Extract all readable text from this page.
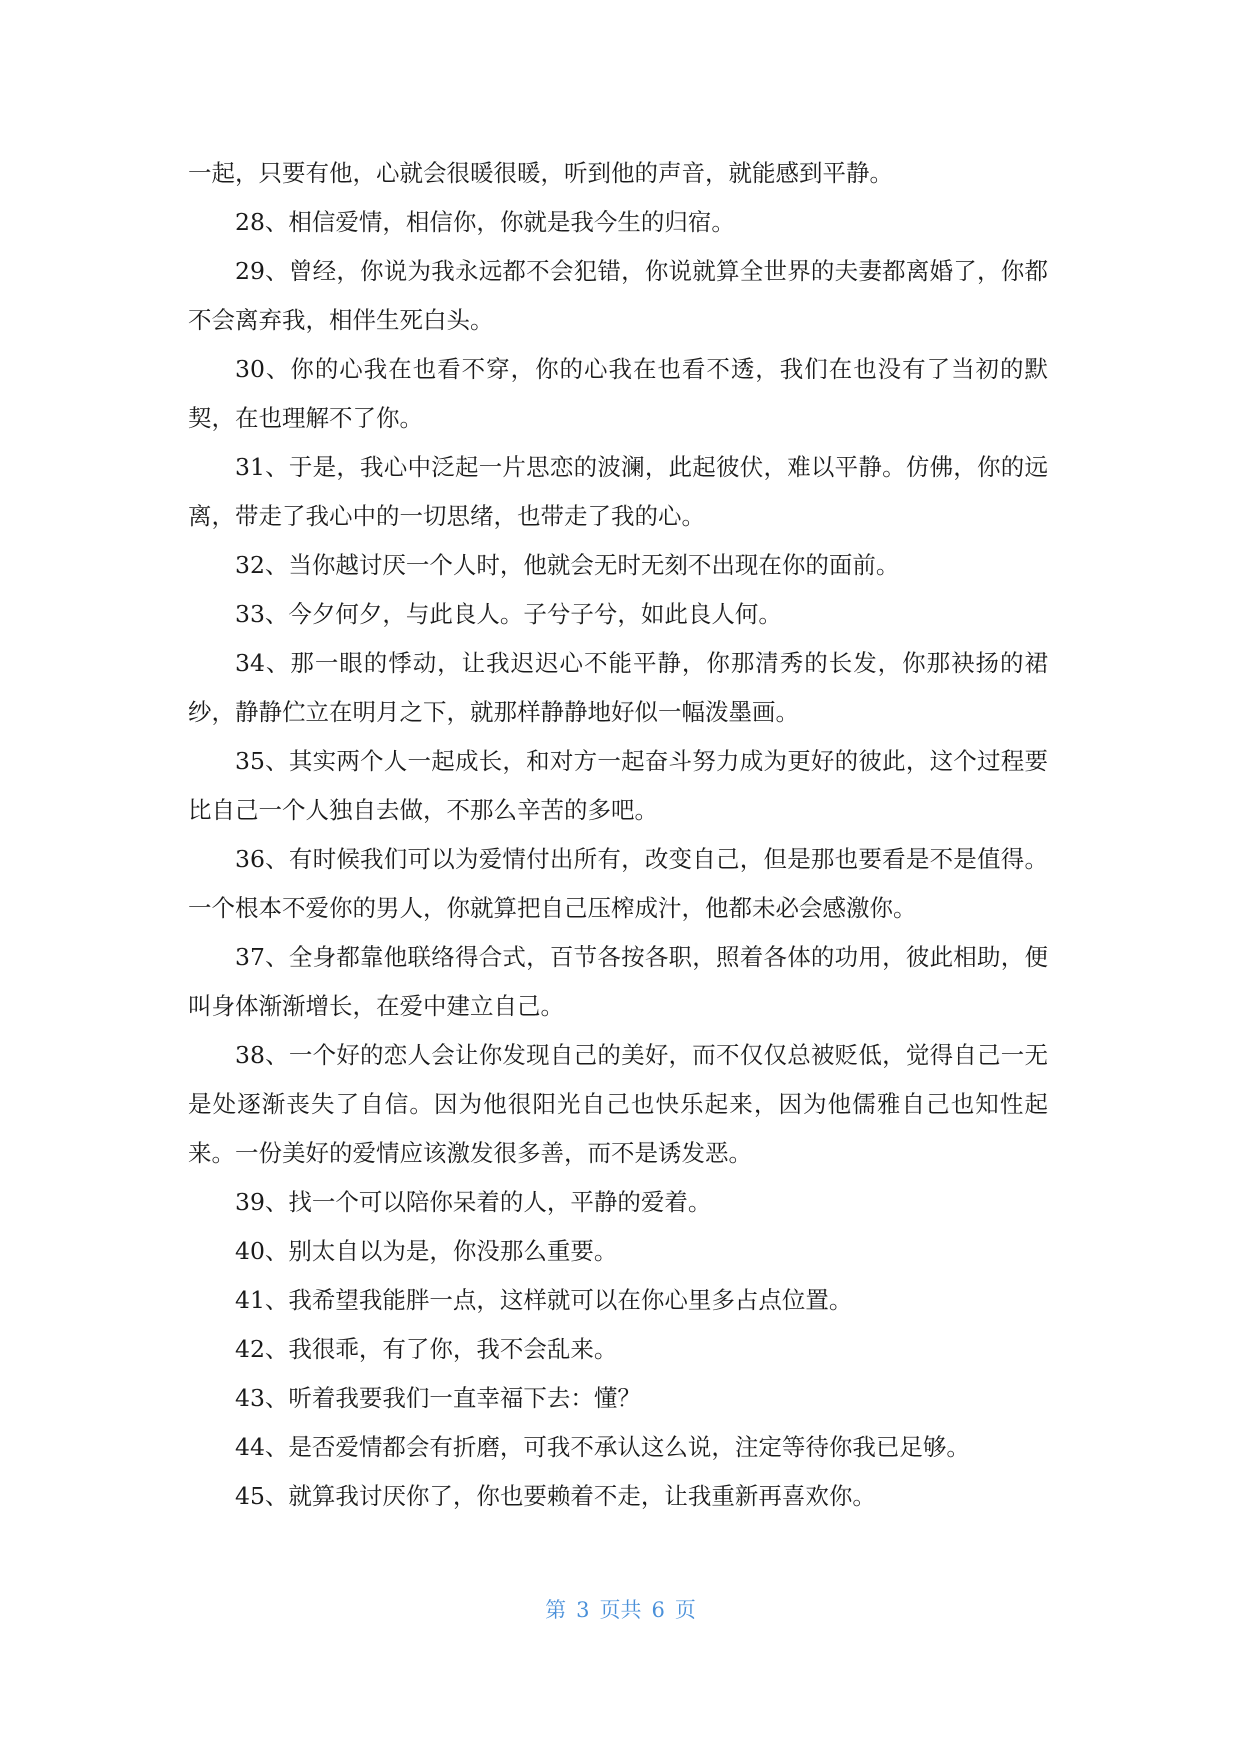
一起，只要有他，心就会很暖很暖，听到他的声音，就能感到平静。

28、相信爱情，相信你，你就是我今生的归宿。

29、曾经，你说为我永远都不会犯错，你说就算全世界的夫妻都离婚了，你都不会离弃我，相伴生死白头。

30、你的心我在也看不穿，你的心我在也看不透，我们在也没有了当初的默契，在也理解不了你。

31、于是，我心中泛起一片思恋的波澜，此起彼伏，难以平静。仿佛，你的远离，带走了我心中的一切思绪，也带走了我的心。

32、当你越讨厌一个人时，他就会无时无刻不出现在你的面前。

33、今夕何夕，与此良人。子兮子兮，如此良人何。

34、那一眼的悸动，让我迟迟心不能平静，你那清秀的长发，你那袂扬的裙纱，静静伫立在明月之下，就那样静静地好似一幅泼墨画。

35、其实两个人一起成长，和对方一起奋斗努力成为更好的彼此，这个过程要比自己一个人独自去做，不那么辛苦的多吧。

36、有时候我们可以为爱情付出所有，改变自己，但是那也要看是不是值得。一个根本不爱你的男人，你就算把自己压榨成汁，他都未必会感激你。

37、全身都靠他联络得合式，百节各按各职，照着各体的功用，彼此相助，便叫身体渐渐增长，在爱中建立自己。

38、一个好的恋人会让你发现自己的美好，而不仅仅总被贬低，觉得自己一无是处逐渐丧失了自信。因为他很阳光自己也快乐起来，因为他儒雅自己也知性起来。一份美好的爱情应该激发很多善，而不是诱发恶。

39、找一个可以陪你呆着的人，平静的爱着。

40、别太自以为是，你没那么重要。

41、我希望我能胖一点，这样就可以在你心里多占点位置。

42、我很乖，有了你，我不会乱来。

43、听着我要我们一直幸福下去：懂？

44、是否爱情都会有折磨，可我不承认这么说，注定等待你我已足够。

45、就算我讨厌你了，你也要赖着不走，让我重新再喜欢你。

第 3 页共 6 页
